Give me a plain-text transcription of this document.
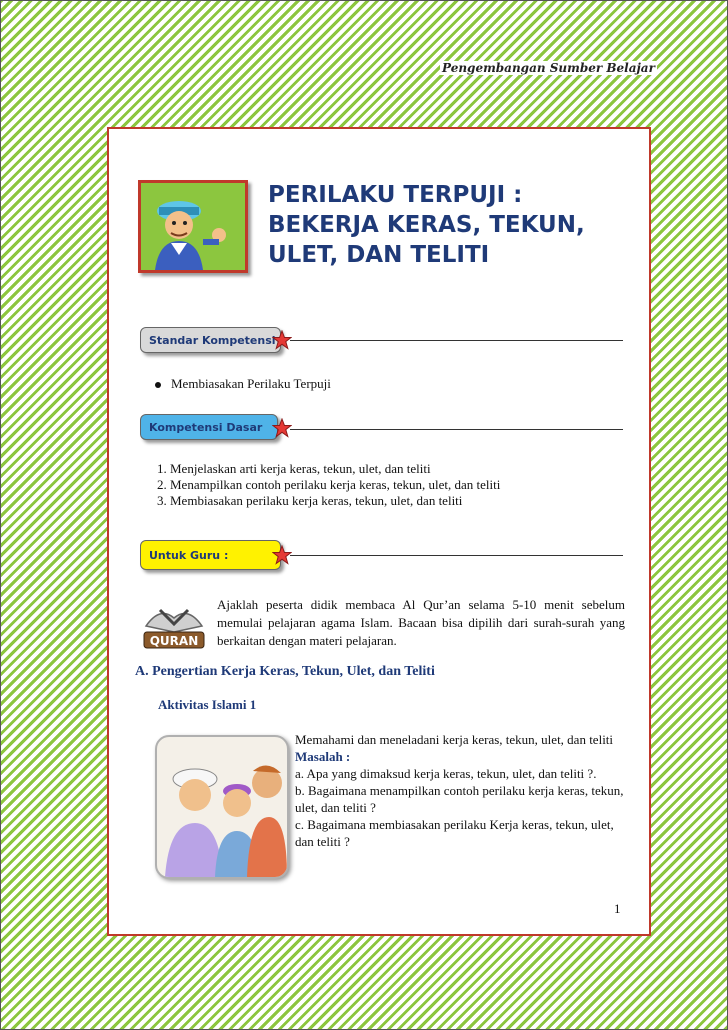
Pengembangan Sumber Belajar
PERILAKU TERPUJI :
BEKERJA KERAS, TEKUN,
ULET, DAN TELITI
Standar Kompetensi
Membiasakan Perilaku Terpuji
Kompetensi Dasar
1. Menjelaskan arti kerja keras, tekun, ulet, dan teliti
2. Menampilkan contoh perilaku kerja keras, tekun, ulet, dan teliti
3. Membiasakan perilaku kerja keras, tekun, ulet, dan teliti
Untuk Guru :
QURAN
Ajaklah peserta didik membaca Al Qur’an selama 5-10 menit sebelum memulai pelajaran agama Islam. Bacaan bisa dipilih dari surah-surah yang berkaitan dengan materi pelajaran.
A. Pengertian Kerja Keras, Tekun, Ulet, dan Teliti
Aktivitas Islami 1
Memahami dan meneladani kerja keras, tekun, ulet, dan teliti
Masalah :
a. Apa yang dimaksud kerja keras, tekun, ulet, dan teliti ?.
b. Bagaimana menampilkan contoh perilaku kerja keras, tekun, ulet, dan teliti ?
c. Bagaimana membiasakan perilaku Kerja keras, tekun, ulet, dan teliti ?
1
